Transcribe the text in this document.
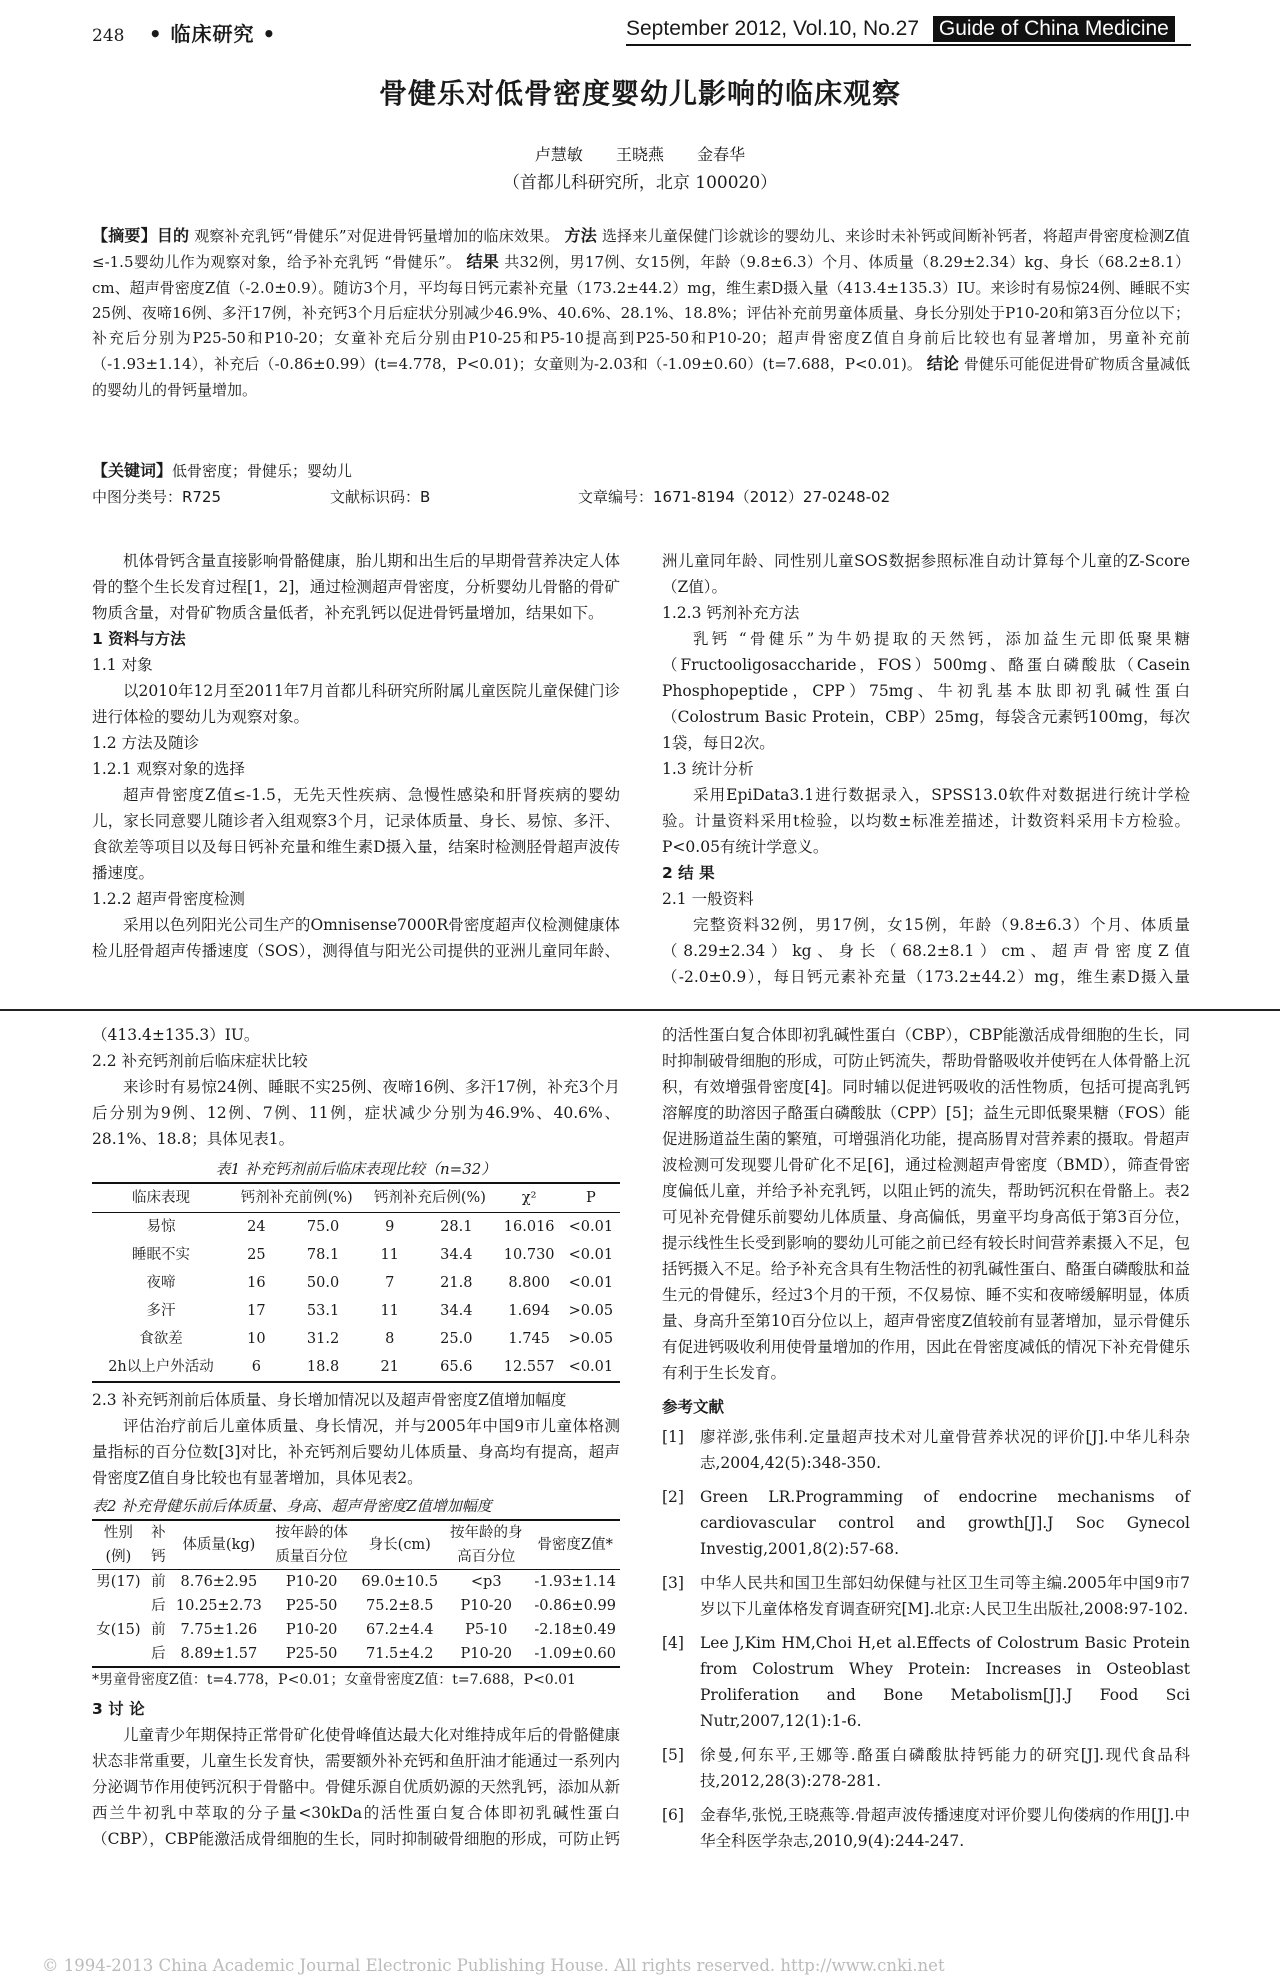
248 • 临床研究 •	September 2012, Vol.10, No.27 Guide of China Medicine
骨健乐对低骨密度婴幼儿影响的临床观察
卢慧敏 王晓燕 金春华
（首都儿科研究所，北京 100020）
【摘要】目的 观察补充乳钙“骨健乐”对促进骨钙量增加的临床效果。 方法 选择来儿童保健门诊就诊的婴幼儿、来诊时未补钙或间断补钙者，将超声骨密度检测Z值≤-1.5婴幼儿作为观察对象，给予补充乳钙 “骨健乐”。 结果 共32例，男17例、女15例，年龄（9.8±6.3）个月、体质量（8.29±2.34）kg、身长（68.2±8.1）cm、超声骨密度Z值（-2.0±0.9）。随访3个月，平均每日钙元素补充量（173.2±44.2）mg，维生素D摄入量（413.4±135.3）IU。来诊时有易惊24例、睡眠不实25例、夜啼16例、多汗17例，补充钙3个月后症状分别减少46.9%、40.6%、28.1%、18.8%；评估补充前男童体质量、身长分别处于P10-20和第3百分位以下；补充后分别为P25-50和P10-20；女童补充后分别由P10-25和P5-10提高到P25-50和P10-20；超声骨密度Z值自身前后比较也有显著增加，男童补充前（-1.93±1.14），补充后（-0.86±0.99）(t=4.778，P<0.01)；女童则为-2.03和（-1.09±0.60）(t=7.688，P<0.01)。 结论 骨健乐可能促进骨矿物质含量减低的婴幼儿的骨钙量增加。
【关键词】低骨密度；骨健乐；婴幼儿
中图分类号：R725	文献标识码：B	文章编号：1671-8194（2012）27-0248-02

机体骨钙含量直接影响骨骼健康，胎儿期和出生后的早期骨营养决定人体骨的整个生长发育过程[1，2]，通过检测超声骨密度，分析婴幼儿骨骼的骨矿物质含量，对骨矿物质含量低者，补充乳钙以促进骨钙量增加，结果如下。

1 资料与方法

1.1 对象

以2010年12月至2011年7月首都儿科研究所附属儿童医院儿童保健门诊进行体检的婴幼儿为观察对象。

1.2 方法及随诊

1.2.1 观察对象的选择

超声骨密度Z值≤-1.5，无先天性疾病、急慢性感染和肝肾疾病的婴幼儿，家长同意婴儿随诊者入组观察3个月，记录体质量、身长、易惊、多汗、食欲差等项目以及每日钙补充量和维生素D摄入量，结案时检测胫骨超声波传播速度。

1.2.2 超声骨密度检测

采用以色列阳光公司生产的Omnisense7000R骨密度超声仪检测健康体检儿胫骨超声传播速度（SOS），测得值与阳光公司提供的亚洲儿童同年龄、

洲儿童同年龄、同性别儿童SOS数据参照标准自动计算每个儿童的Z-Score（Z值）。

1.2.3 钙剂补充方法

乳钙 “骨健乐”为牛奶提取的天然钙，添加益生元即低聚果糖（Fructooligosaccharide，FOS）500mg、酪蛋白磷酸肽（Casein Phosphopeptide，CPP）75mg、牛初乳基本肽即初乳碱性蛋白（Colostrum Basic Protein，CBP）25mg，每袋含元素钙100mg，每次1袋，每日2次。

1.3 统计分析

采用EpiData3.1进行数据录入，SPSS13.0软件对数据进行统计学检验。计量资料采用t检验，以均数±标准差描述，计数资料采用卡方检验。P<0.05有统计学意义。

2 结 果

2.1 一般资料

完整资料32例，男17例，女15例，年龄（9.8±6.3）个月、体质量（8.29±2.34）kg、身长（68.2±8.1）cm、超声骨密度Z值（-2.0±0.9），每日钙元素补充量（173.2±44.2）mg，维生素D摄入量

（413.4±135.3）IU。

2.2 补充钙剂前后临床症状比较

来诊时有易惊24例、睡眠不实25例、夜啼16例、多汗17例，补充3个月后分别为9例、12例、7例、11例，症状减少分别为46.9%、40.6%、28.1%、18.8；具体见表1。

表1 补充钙剂前后临床表现比较（n=32）
临床表现	钙剂补充前例(%)		钙剂补充后例(%)		χ²	P
易惊	24	75.0	9	28.1	16.016	<0.01
睡眠不实	25	78.1	11	34.4	10.730	<0.01
夜啼	16	50.0	7	21.8	8.800	<0.01
多汗	17	53.1	11	34.4	1.694	>0.05
食欲差	10	31.2	8	25.0	1.745	>0.05
2h以上户外活动	6	18.8	21	65.6	12.557	<0.01

2.3 补充钙剂前后体质量、身长增加情况以及超声骨密度Z值增加幅度

评估治疗前后儿童体质量、身长情况，并与2005年中国9市儿童体格测量指标的百分位数[3]对比，补充钙剂后婴幼儿体质量、身高均有提高，超声骨密度Z值自身比较也有显著增加，具体见表2。

表2 补充骨健乐前后体质量、身高、超声骨密度Z值增加幅度
性别(例)	补钙	体质量(kg)	按年龄的体质量百分位	身长(cm)	按年龄的身高百分位	骨密度Z值*
男(17)	前	8.76±2.95	P10-20	69.0±10.5	<p3	-1.93±1.14
	后	10.25±2.73	P25-50	75.2±8.5	P10-20	-0.86±0.99
女(15)	前	7.75±1.26	P10-20	67.2±4.4	P5-10	-2.18±0.49
	后	8.89±1.57	P25-50	71.5±4.2	P10-20	-1.09±0.60
*男童骨密度Z值：t=4.778，P<0.01；女童骨密度Z值：t=7.688，P<0.01

3 讨 论

儿童青少年期保持正常骨矿化使骨峰值达最大化对维持成年后的骨骼健康状态非常重要，儿童生长发育快，需要额外补充钙和鱼肝油才能通过一系列内分泌调节作用使钙沉积于骨骼中。骨健乐源自优质奶源的天然乳钙，添加从新西兰牛初乳中萃取的分子量<30kDa的活性蛋白复合体即初乳碱性蛋白（CBP），CBP能激活成骨细胞的生长，同时抑制破骨细胞的形成，可防止钙

的活性蛋白复合体即初乳碱性蛋白（CBP），CBP能激活成骨细胞的生长，同时抑制破骨细胞的形成，可防止钙流失，帮助骨骼吸收并使钙在人体骨骼上沉积，有效增强骨密度[4]。同时辅以促进钙吸收的活性物质，包括可提高乳钙溶解度的助溶因子酪蛋白磷酸肽（CPP）[5]；益生元即低聚果糖（FOS）能促进肠道益生菌的繁殖，可增强消化功能，提高肠胃对营养素的摄取。骨超声波检测可发现婴儿骨矿化不足[6]，通过检测超声骨密度（BMD），筛查骨密度偏低儿童，并给予补充乳钙，以阻止钙的流失，帮助钙沉积在骨骼上。表2可见补充骨健乐前婴幼儿体质量、身高偏低，男童平均身高低于第3百分位，提示线性生长受到影响的婴幼儿可能之前已经有较长时间营养素摄入不足，包括钙摄入不足。给予补充含具有生物活性的初乳碱性蛋白、酪蛋白磷酸肽和益生元的骨健乐，经过3个月的干预，不仅易惊、睡不实和夜啼缓解明显，体质量、身高升至第10百分位以上，超声骨密度Z值较前有显著增加，显示骨健乐有促进钙吸收利用使骨量增加的作用，因此在骨密度减低的情况下补充骨健乐有利于生长发育。

参考文献

[1] 廖祥澎,张伟利.定量超声技术对儿童骨营养状况的评价[J].中华儿科杂志,2004,42(5):348-350.
[2] Green LR.Programming of endocrine mechanisms of cardiovascular control and growth[J].J Soc Gynecol Investig,2001,8(2):57-68.
[3] 中华人民共和国卫生部妇幼保健与社区卫生司等主编.2005年中国9市7岁以下儿童体格发育调查研究[M].北京:人民卫生出版社,2008:97-102.
[4] Lee J,Kim HM,Choi H,et al.Effects of Colostrum Basic Protein from Colostrum Whey Protein: Increases in Osteoblast Proliferation and Bone Metabolism[J].J Food Sci Nutr,2007,12(1):1-6.
[5] 徐曼,何东平,王娜等.酪蛋白磷酸肽持钙能力的研究[J].现代食品科技,2012,28(3):278-281.
[6] 金春华,张悦,王晓燕等.骨超声波传播速度对评价婴儿佝偻病的作用[J].中华全科医学杂志,2010,9(4):244-247.
© 1994-2013 China Academic Journal Electronic Publishing House. All rights reserved. http://www.cnki.net
